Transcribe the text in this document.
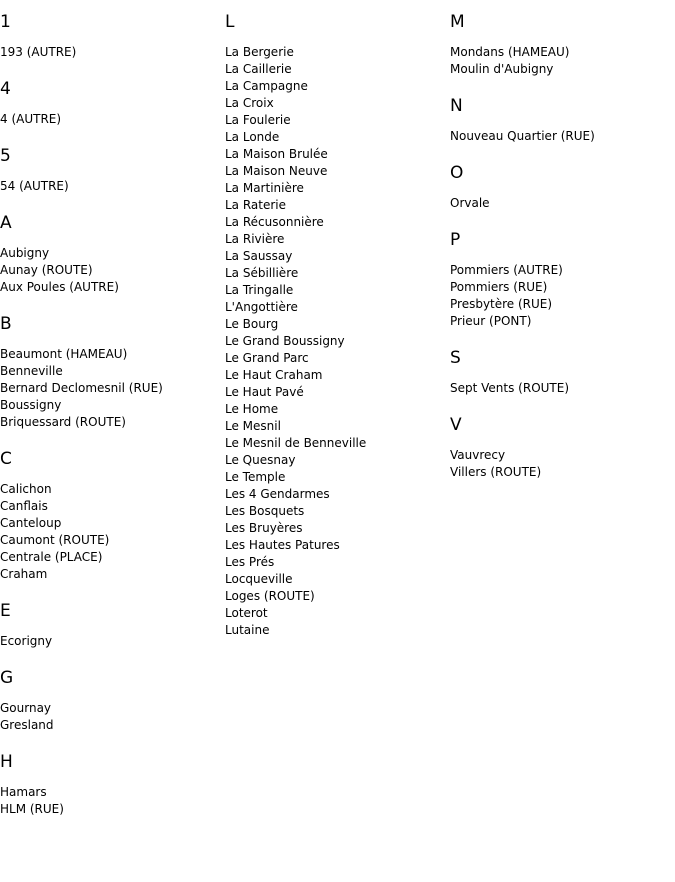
1
193 (AUTRE)
4
4 (AUTRE)
5
54 (AUTRE)
A
Aubigny
Aunay (ROUTE)
Aux Poules (AUTRE)
B
Beaumont (HAMEAU)
Benneville
Bernard Declomesnil (RUE)
Boussigny
Briquessard (ROUTE)
C
Calichon
Canflais
Canteloup
Caumont (ROUTE)
Centrale (PLACE)
Craham
E
Ecorigny
G
Gournay
Gresland
H
Hamars
HLM (RUE)
L
La Bergerie
La Caillerie
La Campagne
La Croix
La Foulerie
La Londe
La Maison Brulée
La Maison Neuve
La Martinière
La Raterie
La Récusonnière
La Rivière
La Saussay
La Sébillière
La Tringalle
L'Angottière
Le Bourg
Le Grand Boussigny
Le Grand Parc
Le Haut Craham
Le Haut Pavé
Le Home
Le Mesnil
Le Mesnil de Benneville
Le Quesnay
Le Temple
Les 4 Gendarmes
Les Bosquets
Les Bruyères
Les Hautes Patures
Les Prés
Locqueville
Loges (ROUTE)
Loterot
Lutaine
M
Mondans (HAMEAU)
Moulin d'Aubigny
N
Nouveau Quartier (RUE)
O
Orvale
P
Pommiers (AUTRE)
Pommiers (RUE)
Presbytère (RUE)
Prieur (PONT)
S
Sept Vents (ROUTE)
V
Vauvrecy
Villers (ROUTE)
